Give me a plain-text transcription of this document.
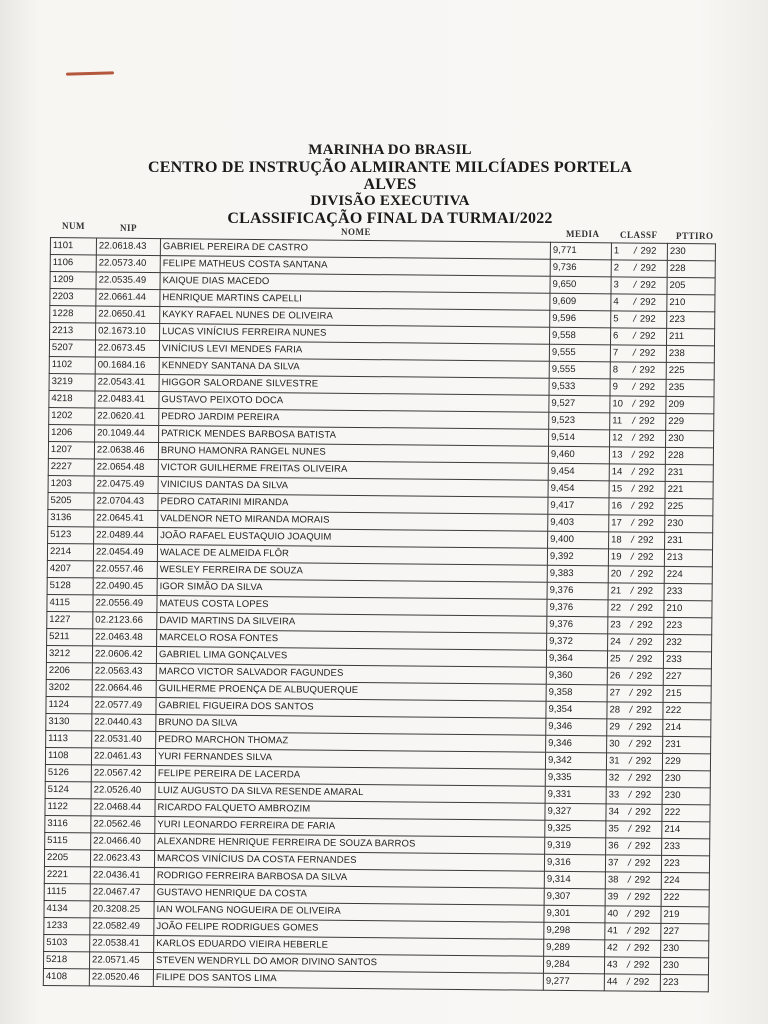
MARINHA DO BRASIL
CENTRO DE INSTRUÇÃO ALMIRANTE MILCÍADES PORTELA ALVES
DIVISÃO EXECUTIVA
CLASSIFICAÇÃO FINAL DA TURMAI/2022
NUM	NIP	NOME	MEDIA CLASSF PTTIRO
1101	22.0618.43	GABRIEL PEREIRA DE CASTRO	9,771	1 / 292	230
1106	22.0573.40	FELIPE MATHEUS COSTA SANTANA	9,736	2 / 292	228
1209	22.0535.49	KAIQUE DIAS MACEDO	9,650	3 / 292	205
2203	22.0661.44	HENRIQUE MARTINS CAPELLI	9,609	4 / 292	210
1228	22.0650.41	KAYKY RAFAEL NUNES DE OLIVEIRA	9,596	5 / 292	223
2213	02.1673.10	LUCAS VINÍCIUS FERREIRA NUNES	9,558	6 / 292	211
5207	22.0673.45	VINÍCIUS LEVI MENDES FARIA	9,555	7 / 292	238
1102	00.1684.16	KENNEDY SANTANA DA SILVA	9,555	8 / 292	225
3219	22.0543.41	HIGGOR SALORDANE SILVESTRE	9,533	9 / 292	235
4218	22.0483.41	GUSTAVO PEIXOTO DOCA	9,527	10 / 292	209
1202	22.0620.41	PEDRO JARDIM PEREIRA	9,523	11 / 292	229
1206	20.1049.44	PATRICK MENDES BARBOSA BATISTA	9,514	12 / 292	230
1207	22.0638.46	BRUNO HAMONRA RANGEL NUNES	9,460	13 / 292	228
2227	22.0654.48	VICTOR GUILHERME FREITAS OLIVEIRA	9,454	14 / 292	231
1203	22.0475.49	VINICIUS DANTAS DA SILVA	9,454	15 / 292	221
5205	22.0704.43	PEDRO CATARINI MIRANDA	9,417	16 / 292	225
3136	22.0645.41	VALDENOR NETO MIRANDA MORAIS	9,403	17 / 292	230
5123	22.0489.44	JOÃO RAFAEL EUSTAQUIO JOAQUIM	9,400	18 / 292	231
2214	22.0454.49	WALACE DE ALMEIDA FLÔR	9,392	19 / 292	213
4207	22.0557.46	WESLEY FERREIRA DE SOUZA	9,383	20 / 292	224
5128	22.0490.45	IGOR SIMÃO DA SILVA	9,376	21 / 292	233
4115	22.0556.49	MATEUS COSTA LOPES	9,376	22 / 292	210
1227	02.2123.66	DAVID MARTINS DA SILVEIRA	9,376	23 / 292	223
5211	22.0463.48	MARCELO ROSA FONTES	9,372	24 / 292	232
3212	22.0606.42	GABRIEL LIMA GONÇALVES	9,364	25 / 292	233
2206	22.0563.43	MARCO VICTOR SALVADOR FAGUNDES	9,360	26 / 292	227
3202	22.0664.46	GUILHERME PROENÇA DE ALBUQUERQUE	9,358	27 / 292	215
1124	22.0577.49	GABRIEL FIGUEIRA DOS SANTOS	9,354	28 / 292	222
3130	22.0440.43	BRUNO DA SILVA	9,346	29 / 292	214
1113	22.0531.40	PEDRO MARCHON THOMAZ	9,346	30 / 292	231
1108	22.0461.43	YURI FERNANDES SILVA	9,342	31 / 292	229
5126	22.0567.42	FELIPE PEREIRA DE LACERDA	9,335	32 / 292	230
5124	22.0526.40	LUIZ AUGUSTO DA SILVA RESENDE AMARAL	9,331	33 / 292	230
1122	22.0468.44	RICARDO FALQUETO AMBROZIM	9,327	34 / 292	222
3116	22.0562.46	YURI LEONARDO FERREIRA DE FARIA	9,325	35 / 292	214
5115	22.0466.40	ALEXANDRE HENRIQUE FERREIRA DE SOUZA BARROS	9,319	36 / 292	233
2205	22.0623.43	MARCOS VINÍCIUS DA COSTA FERNANDES	9,316	37 / 292	223
2221	22.0436.41	RODRIGO FERREIRA BARBOSA DA SILVA	9,314	38 / 292	224
1115	22.0467.47	GUSTAVO HENRIQUE DA COSTA	9,307	39 / 292	222
4134	20.3208.25	IAN WOLFANG NOGUEIRA DE OLIVEIRA	9,301	40 / 292	219
1233	22.0582.49	JOÃO FELIPE RODRIGUES GOMES	9,298	41 / 292	227
5103	22.0538.41	KARLOS EDUARDO VIEIRA HEBERLE	9,289	42 / 292	230
5218	22.0571.45	STEVEN WENDRYLL DO AMOR DIVINO SANTOS	9,284	43 / 292	230
4108	22.0520.46	FILIPE DOS SANTOS LIMA	9,277	44 / 292	223
